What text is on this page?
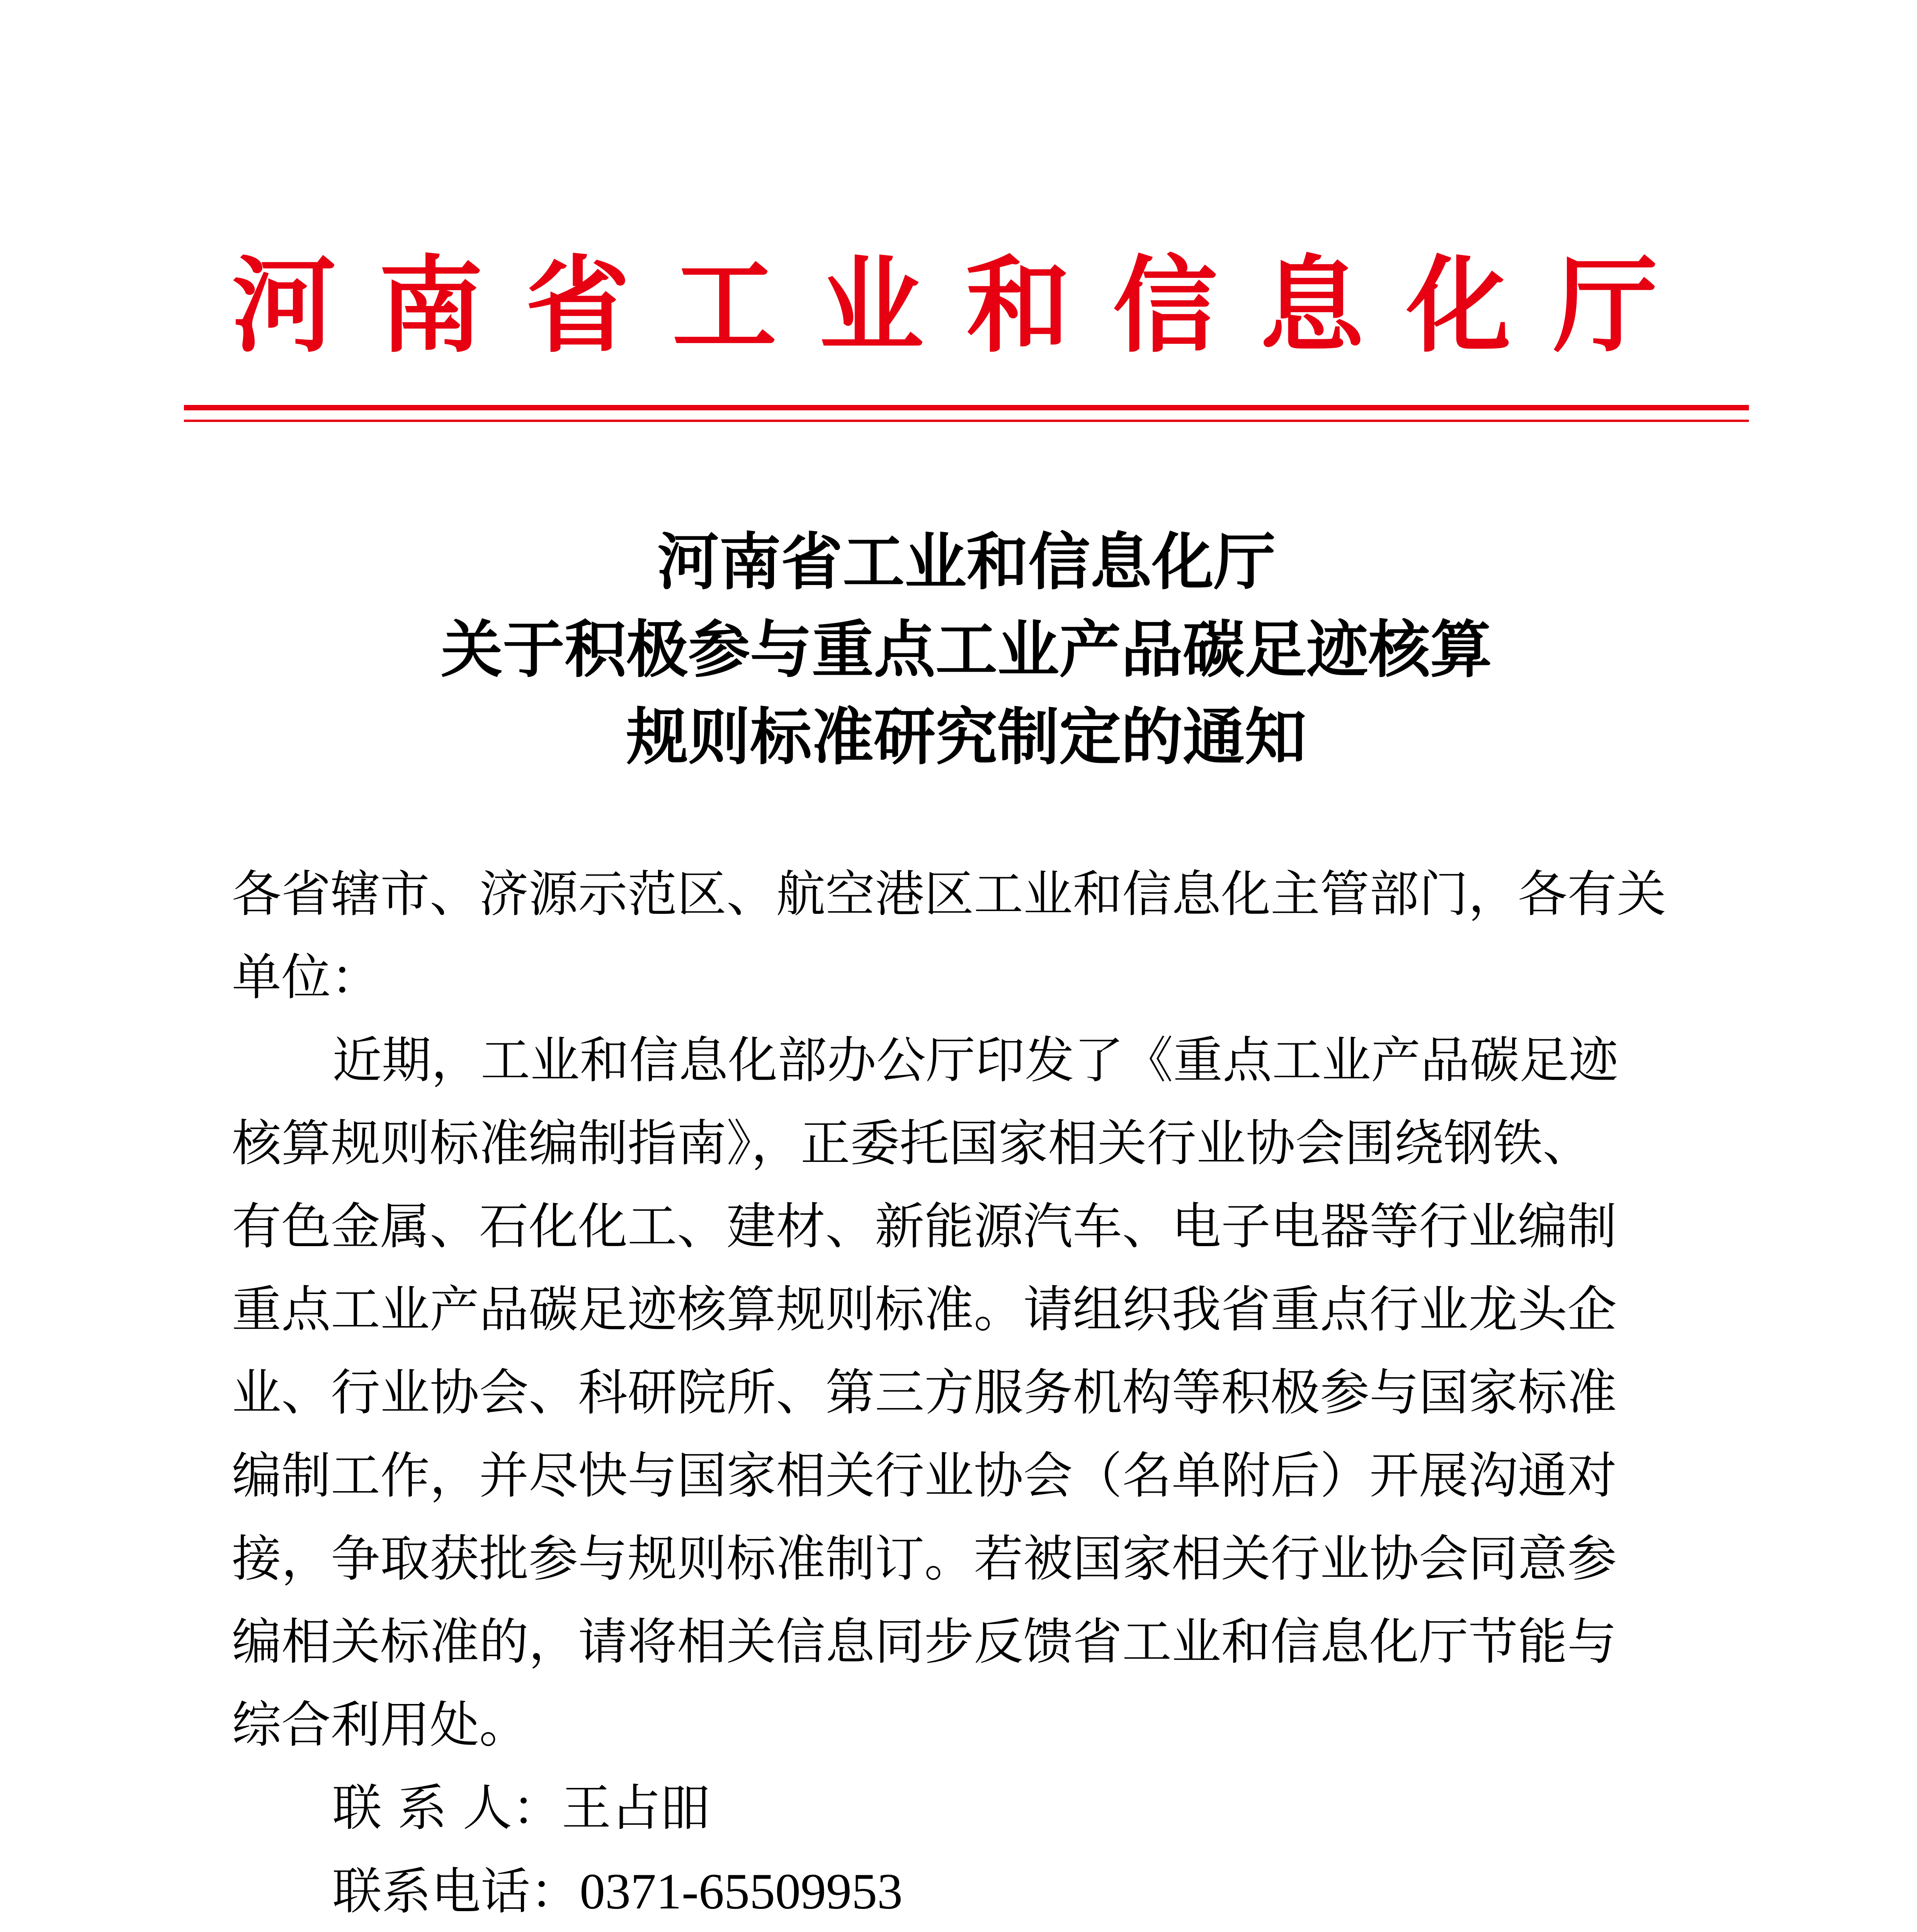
河南省工业和信息化厅
河南省工业和信息化厅
关于积极参与重点工业产品碳足迹核算
规则标准研究制定的通知
各省辖市、济源示范区、航空港区工业和信息化主管部门，各有关
单位：
近期，工业和信息化部办公厅印发了《重点工业产品碳足迹
核算规则标准编制指南》，正委托国家相关行业协会围绕钢铁、
有色金属、石化化工、建材、新能源汽车、电子电器等行业编制
重点工业产品碳足迹核算规则标准。请组织我省重点行业龙头企
业、行业协会、科研院所、第三方服务机构等积极参与国家标准
编制工作，并尽快与国家相关行业协会（名单附后）开展沟通对
接，争取获批参与规则标准制订。若被国家相关行业协会同意参
编相关标准的，请将相关信息同步反馈省工业和信息化厅节能与
综合利用处。
联 系 人：王占昍
联系电话：0371-65509953
